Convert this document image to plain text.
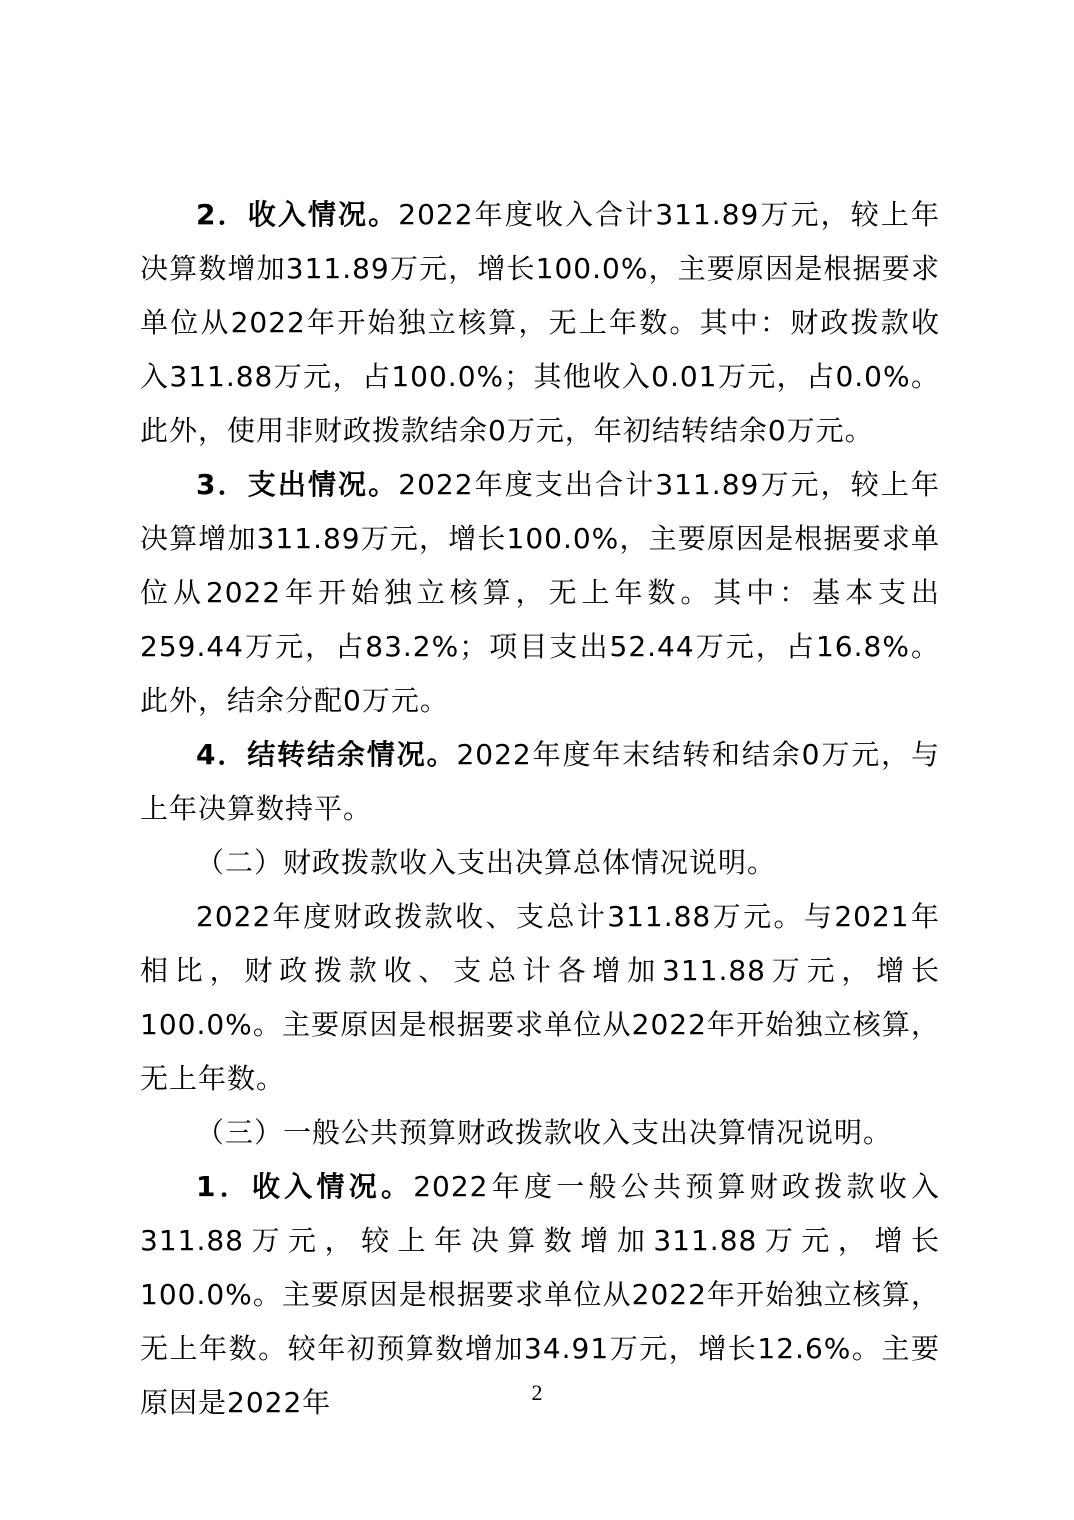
2．收入情况。2022年度收入合计311.89万元，较上年决算数增加311.89万元，增长100.0%，主要原因是根据要求单位从2022年开始独立核算，无上年数。其中：财政拨款收入311.88万元，占100.0%；其他收入0.01万元，占0.0%。此外，使用非财政拨款结余0万元，年初结转结余0万元。

3．支出情况。2022年度支出合计311.89万元，较上年决算增加311.89万元，增长100.0%，主要原因是根据要求单位从2022年开始独立核算，无上年数。其中：基本支出259.44万元，占83.2%；项目支出52.44万元，占16.8%。此外，结余分配0万元。

4．结转结余情况。2022年度年末结转和结余0万元，与上年决算数持平。

（二）财政拨款收入支出决算总体情况说明。

2022年度财政拨款收、支总计311.88万元。与2021年相比，财政拨款收、支总计各增加311.88万元，增长100.0%。主要原因是根据要求单位从2022年开始独立核算，无上年数。

（三）一般公共预算财政拨款收入支出决算情况说明。

1．收入情况。2022年度一般公共预算财政拨款收入311.88万元，较上年决算数增加311.88万元，增长100.0%。主要原因是根据要求单位从2022年开始独立核算，无上年数。较年初预算数增加34.91万元，增长12.6%。主要原因是2022年	2
